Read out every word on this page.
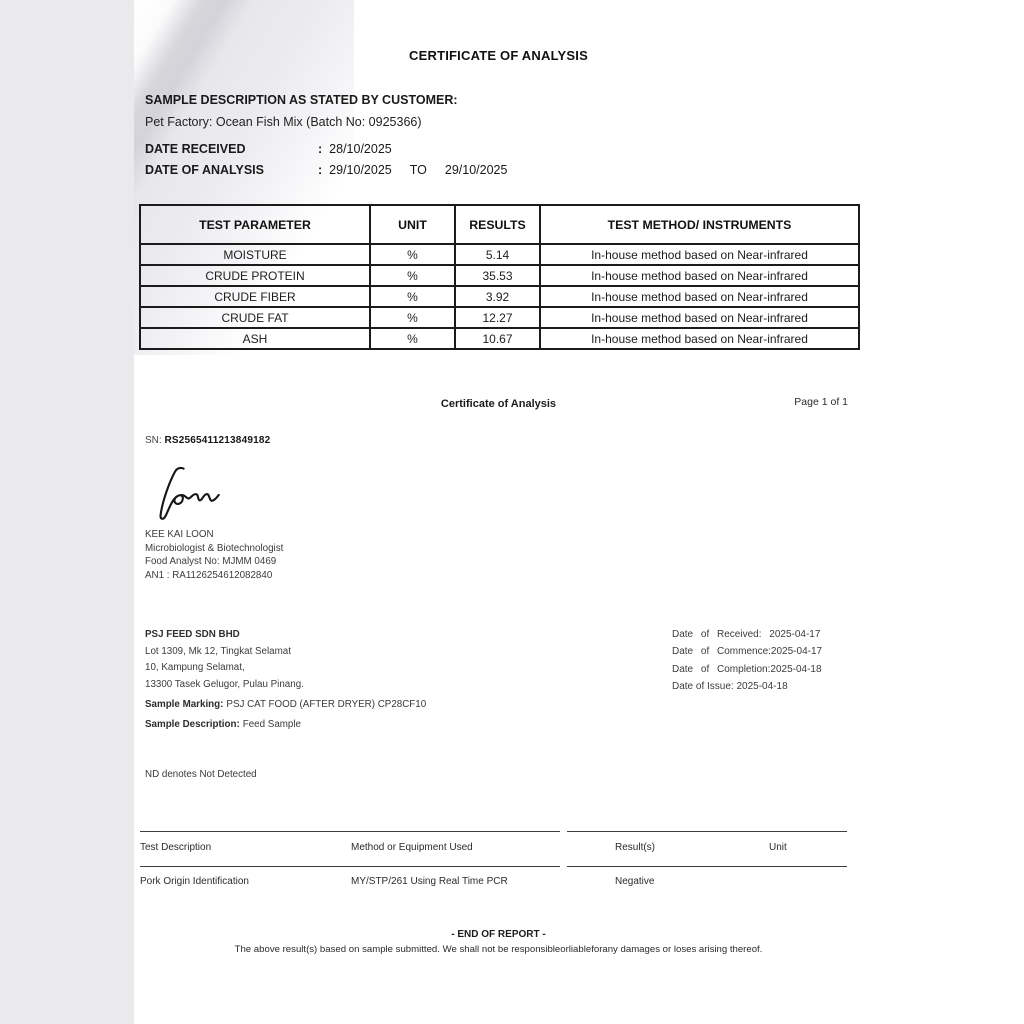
CERTIFICATE OF ANALYSIS
SAMPLE DESCRIPTION AS STATED BY CUSTOMER:
Pet Factory: Ocean Fish Mix (Batch No: 0925366)
DATE RECEIVED	: 28/10/2025
DATE OF ANALYSIS	: 29/10/2025 TO 29/10/2025
TEST PARAMETER	UNIT	RESULTS	TEST METHOD/ INSTRUMENTS
MOISTURE	%	5.14	In-house method based on Near-infrared
CRUDE PROTEIN	%	35.53	In-house method based on Near-infrared
CRUDE FIBER	%	3.92	In-house method based on Near-infrared
CRUDE FAT	%	12.27	In-house method based on Near-infrared
ASH	%	10.67	In-house method based on Near-infrared
Certificate of Analysis	Page 1 of 1
SN: RS2565411213849182
KEE KAI LOON
Microbiologist & Biotechnologist
Food Analyst No: MJMM 0469
AN1 : RA1126254612082840
PSJ FEED SDN BHD
Lot 1309, Mk 12, Tingkat Selamat
10, Kampung Selamat,
13300 Tasek Gelugor, Pulau Pinang.
Date of Received: 2025-04-17
Date of Commence:2025-04-17
Date of Completion:2025-04-18
Date of Issue: 2025-04-18
Sample Marking: PSJ CAT FOOD (AFTER DRYER) CP28CF10
Sample Description: Feed Sample
ND denotes Not Detected
Test Description	Method or Equipment Used	Result(s)	Unit
Pork Origin Identification	MY/STP/261 Using Real Time PCR	Negative
- END OF REPORT -
The above result(s) based on sample submitted. We shall not be responsibleorliableforany damages or loses arising thereof.
